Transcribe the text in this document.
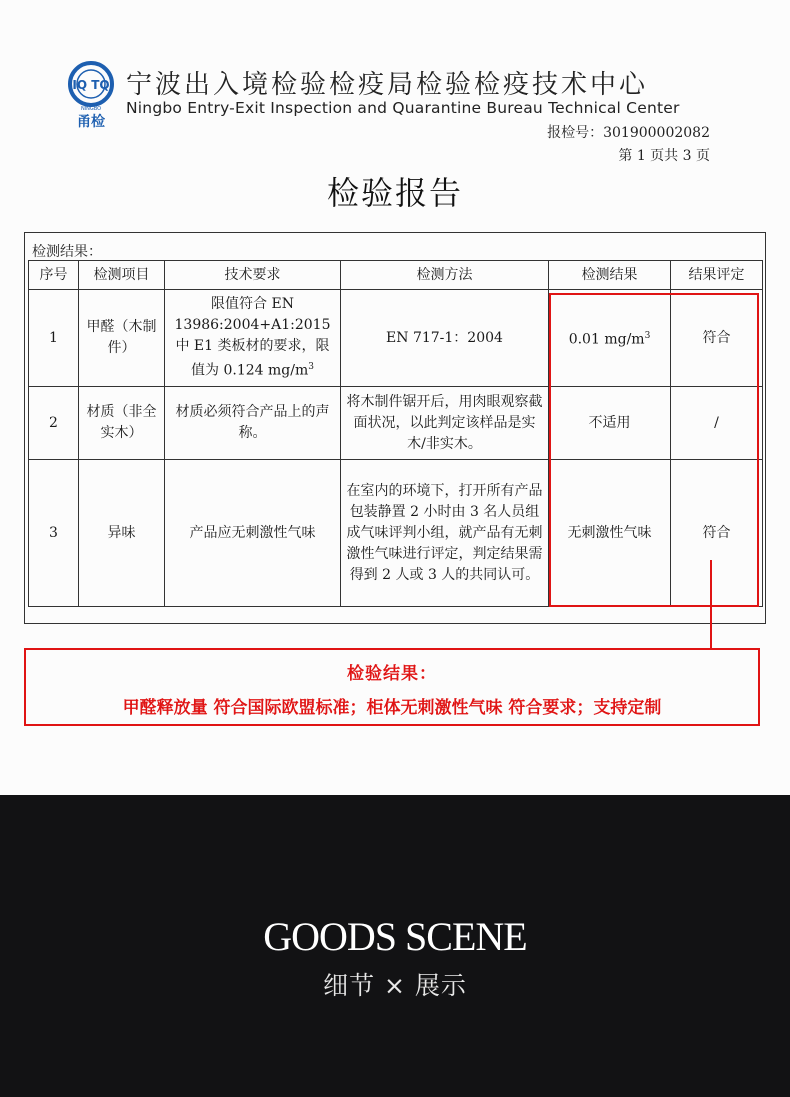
IQ TQ
NINGBO
甬检
宁波出入境检验检疫局检验检疫技术中心
Ningbo Entry-Exit Inspection and Quarantine Bureau Technical Center
报检号：301900002082
第 1 页共 3 页
检验报告
检测结果：
序号	检测项目	技术要求	检测方法	检测结果	结果评定
1	甲醛（木制件）	限值符合 EN 13986:2004+A1:2015 中 E1 类板材的要求，限值为 0.124 $mg/m^3$	EN 717-1：2004	0.01 $mg/m^3$	符合
2	材质（非全实木）	材质必须符合产品上的声称。	将木制件锯开后，用肉眼观察截面状况，以此判定该样品是实木/非实木。	不适用	/
3	异味	产品应无刺激性气味	在室内的环境下，打开所有产品包装静置 2 小时由 3 名人员组成气味评判小组，就产品有无刺激性气味进行评定，判定结果需得到 2 人或 3 人的共同认可。	无刺激性气味	符合
检验结果：
甲醛释放量 符合国际欧盟标准；柜体无刺激性气味 符合要求；支持定制
GOODS SCENE
细节 × 展示
